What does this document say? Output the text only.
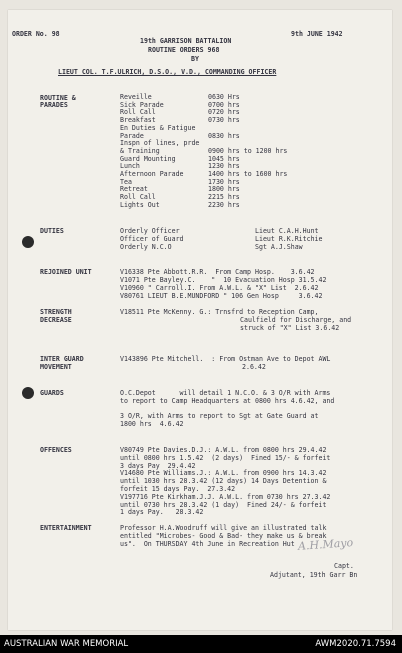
ORDER No. 98	9th JUNE 1942
19th GARRISON BATTALION
ROUTINE ORDERS 968
BY
LIEUT COL. T.F.ULRICH, D.S.O., V.D., COMMANDING OFFICER
ROUTINE &
PARADES
Reveille	0630 Hrs
Sick Parade	0700 hrs
Roll Call	0720 hrs
Breakfast	0730 hrs
En Duties & Fatigue
Parade	0830 hrs
Inspn of lines, prde
& Training	0900 hrs to 1200 hrs
Guard Mounting	1045 hrs
Lunch	1230 hrs
Afternoon Parade	1400 hrs to 1600 hrs
Tea	1730 hrs
Retreat	1800 hrs
Roll Call	2215 hrs
Lights Out	2230 hrs
DUTIES	Orderly Officer	Lieut C.A.H.Hunt
Officer of Guard	Lieut R.K.Ritchie
Orderly N.C.O	Sgt A.J.Shaw
REJOINED UNIT	V16338 Pte Abbott.R.R.  From Camp Hosp.    3.6.42
V1071 Pte Bayley.C.    "  10 Evacuation Hosp 31.5.42
V10960 " Carroll.I. From A.W.L. & "X" List  2.6.42
V80761 LIEUT B.E.MUNDFORD " 106 Gen Hosp     3.6.42
STRENGTH
DECREASE
V18511 Pte McKenny. G.: Trnsfrd to Reception Camp,
Caulfield for Discharge, and
struck of "X" List 3.6.42
INTER GUARD
MOVEMENT
V143896 Pte Mitchell.  : From Ostman Ave to Depot AWL
2.6.42
GUARDS	O.C.Depot      will detail 1 N.C.O. & 3 O/R with Arms
to report to Camp Headquarters at 0800 hrs 4.6.42, and
3 O/R, with Arms to report to Sgt at Gate Guard at
1800 hrs  4.6.42
OFFENCES	V80749 Pte Davies.D.J.: A.W.L. from 0800 hrs 29.4.42
until 0800 hrs 1.5.42  (2 days)  Fined 15/- & forfeit
3 days Pay  29.4.42
V14680 Pte Williams.J.: A.W.L. from 0900 hrs 14.3.42
until 1030 hrs 28.3.42 (12 days) 14 Days Detention &
forfeit 15 days Pay.  27.3.42
V197716 Pte Kirkham.J.J. A.W.L. from 0730 hrs 27.3.42
until 0730 hrs 28.3.42 (1 day)  Fined 24/- & forfeit
1 days Pay.   28.3.42
ENTERTAINMENT	Professor H.A.Woodruff will give an illustrated talk
entitled "Microbes- Good & Bad- they make us & break
us".  On THURSDAY 4th June in Recreation Hut A.H.Mayo
Capt.
Adjutant, 19th Garr Bn
AUSTRALIAN WAR MEMORIAL	AWM2020.71.7594
